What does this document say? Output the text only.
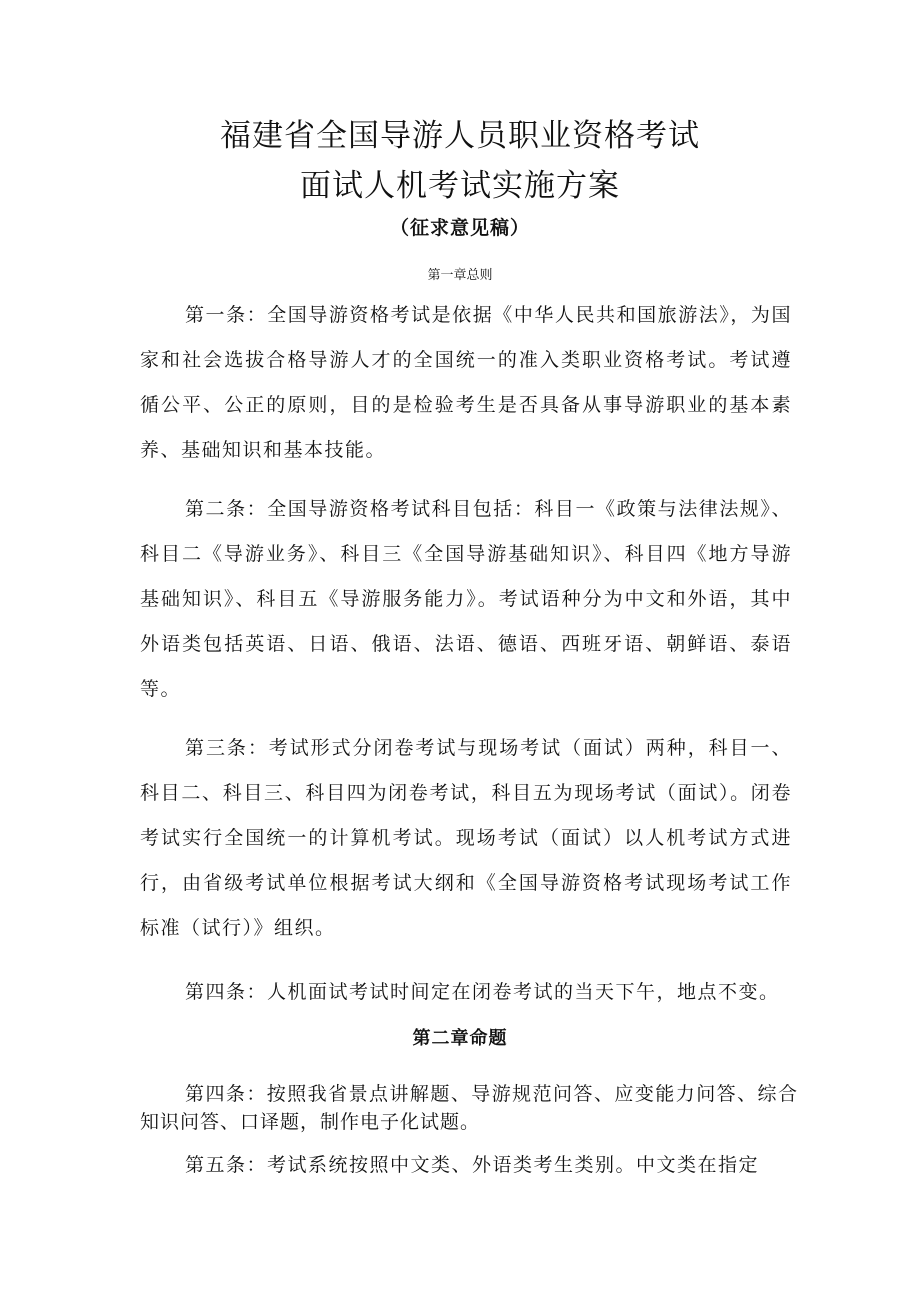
福建省全国导游人员职业资格考试
面试人机考试实施方案
（征求意见稿）
第一章总则

第一条：全国导游资格考试是依据《中华人民共和国旅游法》，为国家和社会选拔合格导游人才的全国统一的准入类职业资格考试。考试遵循公平、公正的原则，目的是检验考生是否具备从事导游职业的基本素养、基础知识和基本技能。

第二条：全国导游资格考试科目包括：科目一《政策与法律法规》、科目二《导游业务》、科目三《全国导游基础知识》、科目四《地方导游基础知识》、科目五《导游服务能力》。考试语种分为中文和外语，其中外语类包括英语、日语、俄语、法语、德语、西班牙语、朝鲜语、泰语等。

第三条：考试形式分闭卷考试与现场考试（面试）两种，科目一、科目二、科目三、科目四为闭卷考试，科目五为现场考试（面试）。闭卷考试实行全国统一的计算机考试。现场考试（面试）以人机考试方式进行，由省级考试单位根据考试大纲和《全国导游资格考试现场考试工作标准（试行）》组织。

第四条：人机面试考试时间定在闭卷考试的当天下午，地点不变。

第二章命题

第四条：按照我省景点讲解题、导游规范问答、应变能力问答、综合知识问答、口译题，制作电子化试题。

第五条：考试系统按照中文类、外语类考生类别。中文类在指定
